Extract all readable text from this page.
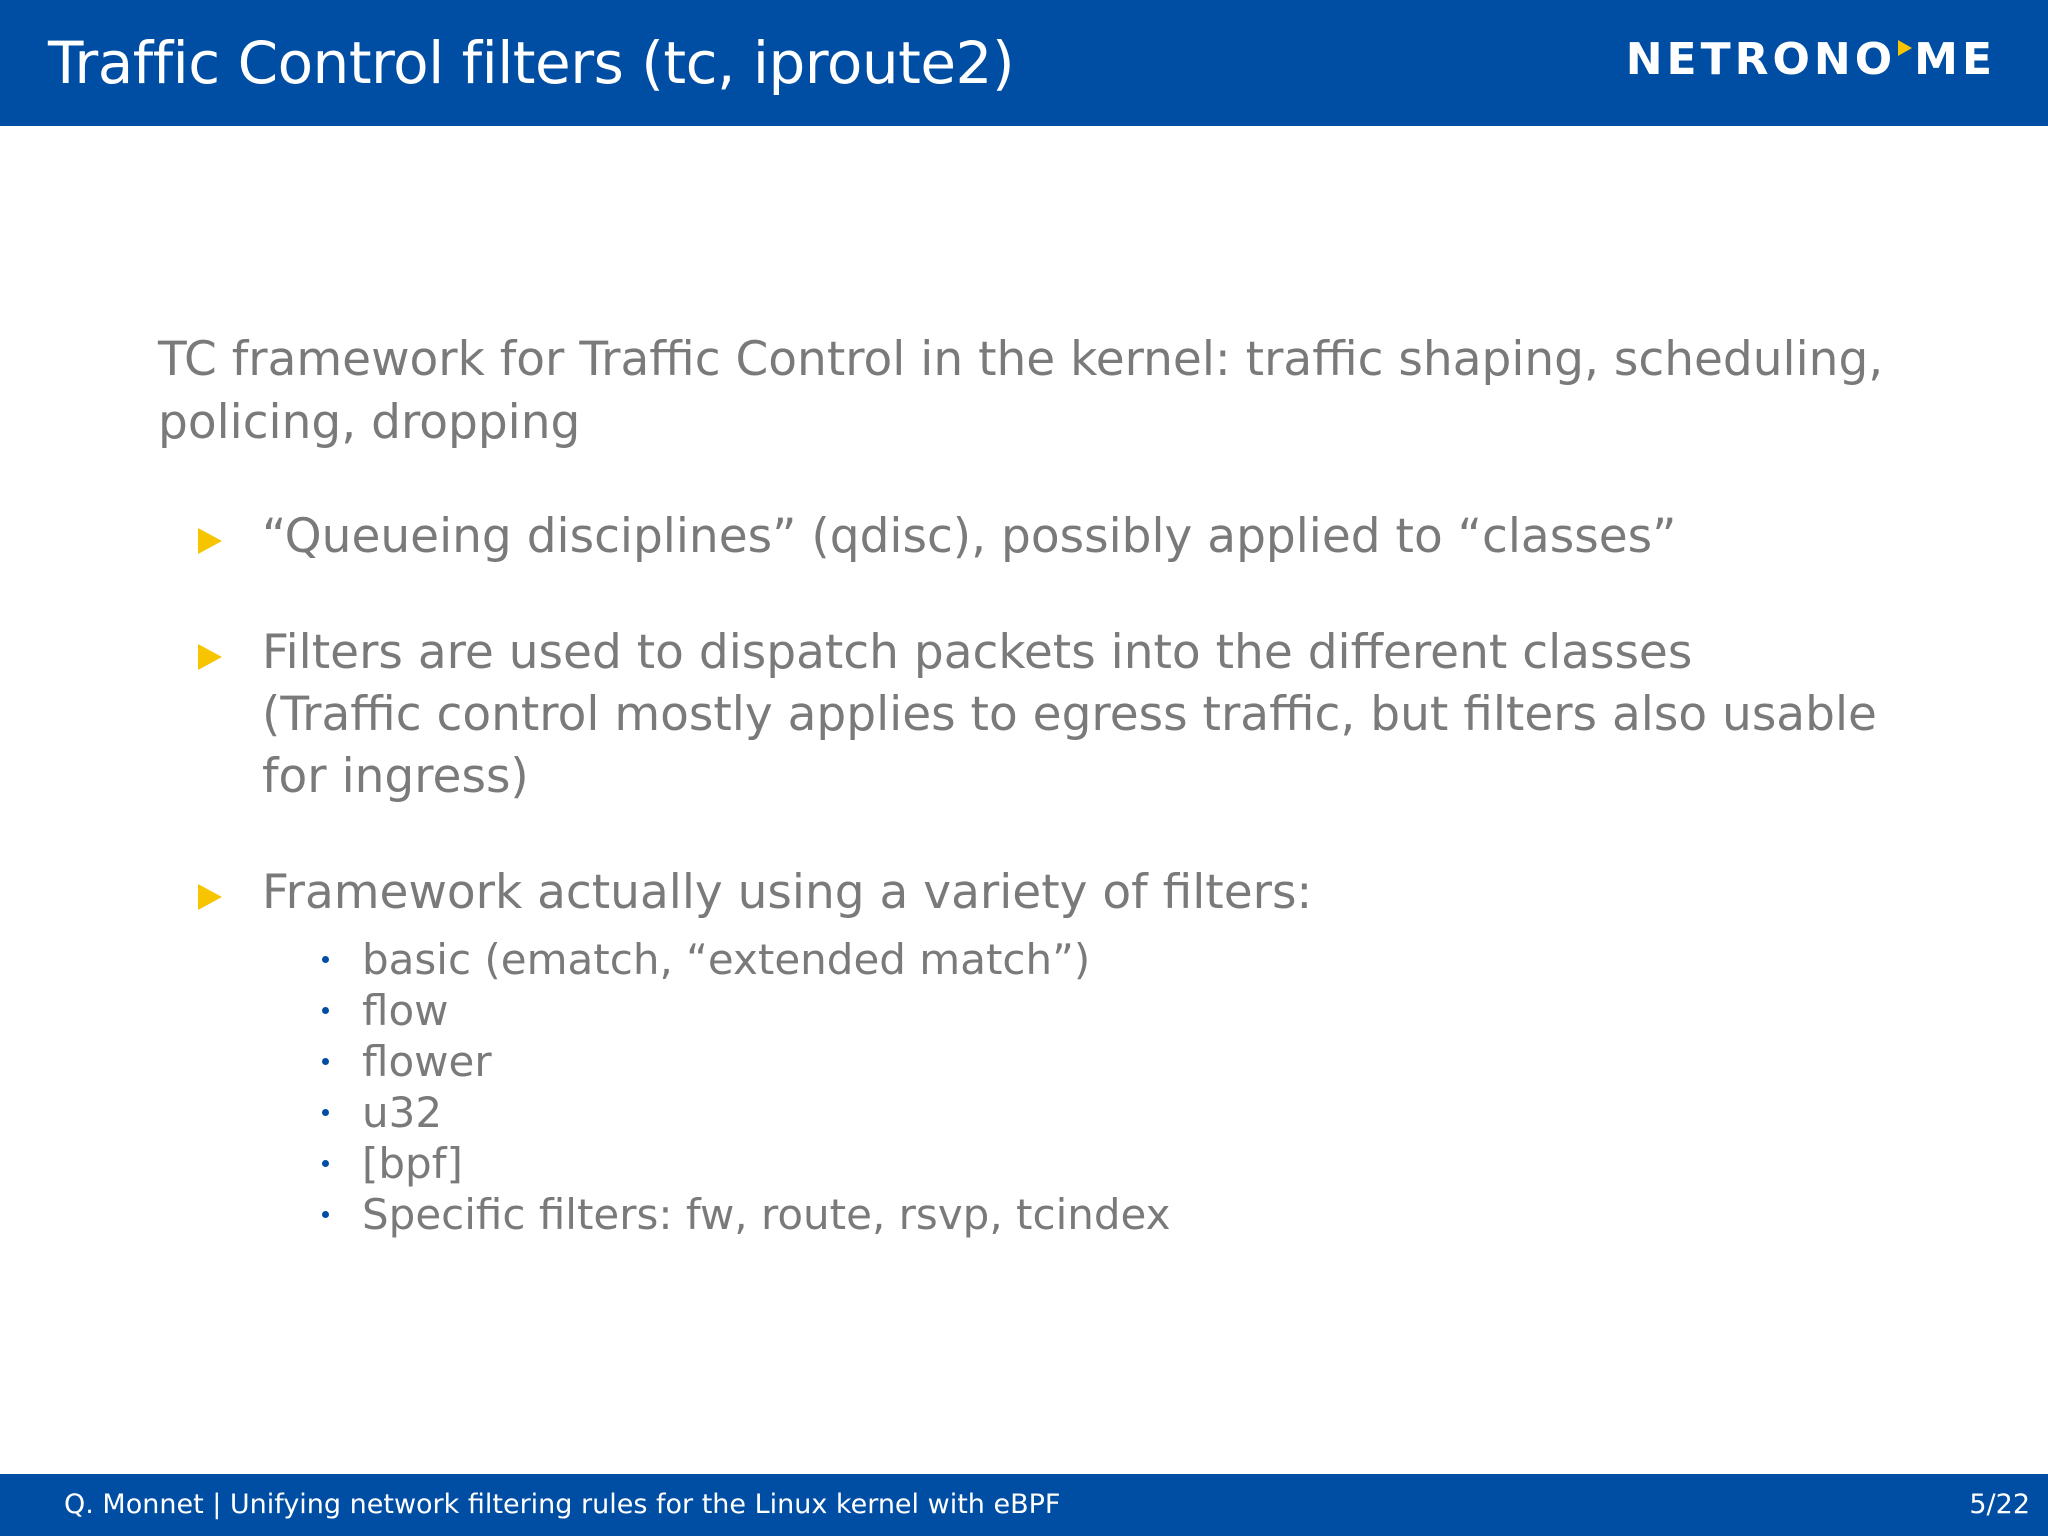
Traffic Control filters (tc, iproute2)	NETRON O ME

TC framework for Traffic Control in the kernel: traffic shaping, scheduling,
policing, dropping

“Queueing disciplines” (qdisc), possibly applied to “classes”
Filters are used to dispatch packets into the different classes
(Traffic control mostly applies to egress traffic, but filters also usable
for ingress)
Framework actually using a variety of filters:
basic (ematch, “extended match”)
flow
flower
u32
[bpf]
Specific filters: fw, route, rsvp, tcindex
Q. Monnet | Unifying network filtering rules for the Linux kernel with eBPF	5/22
